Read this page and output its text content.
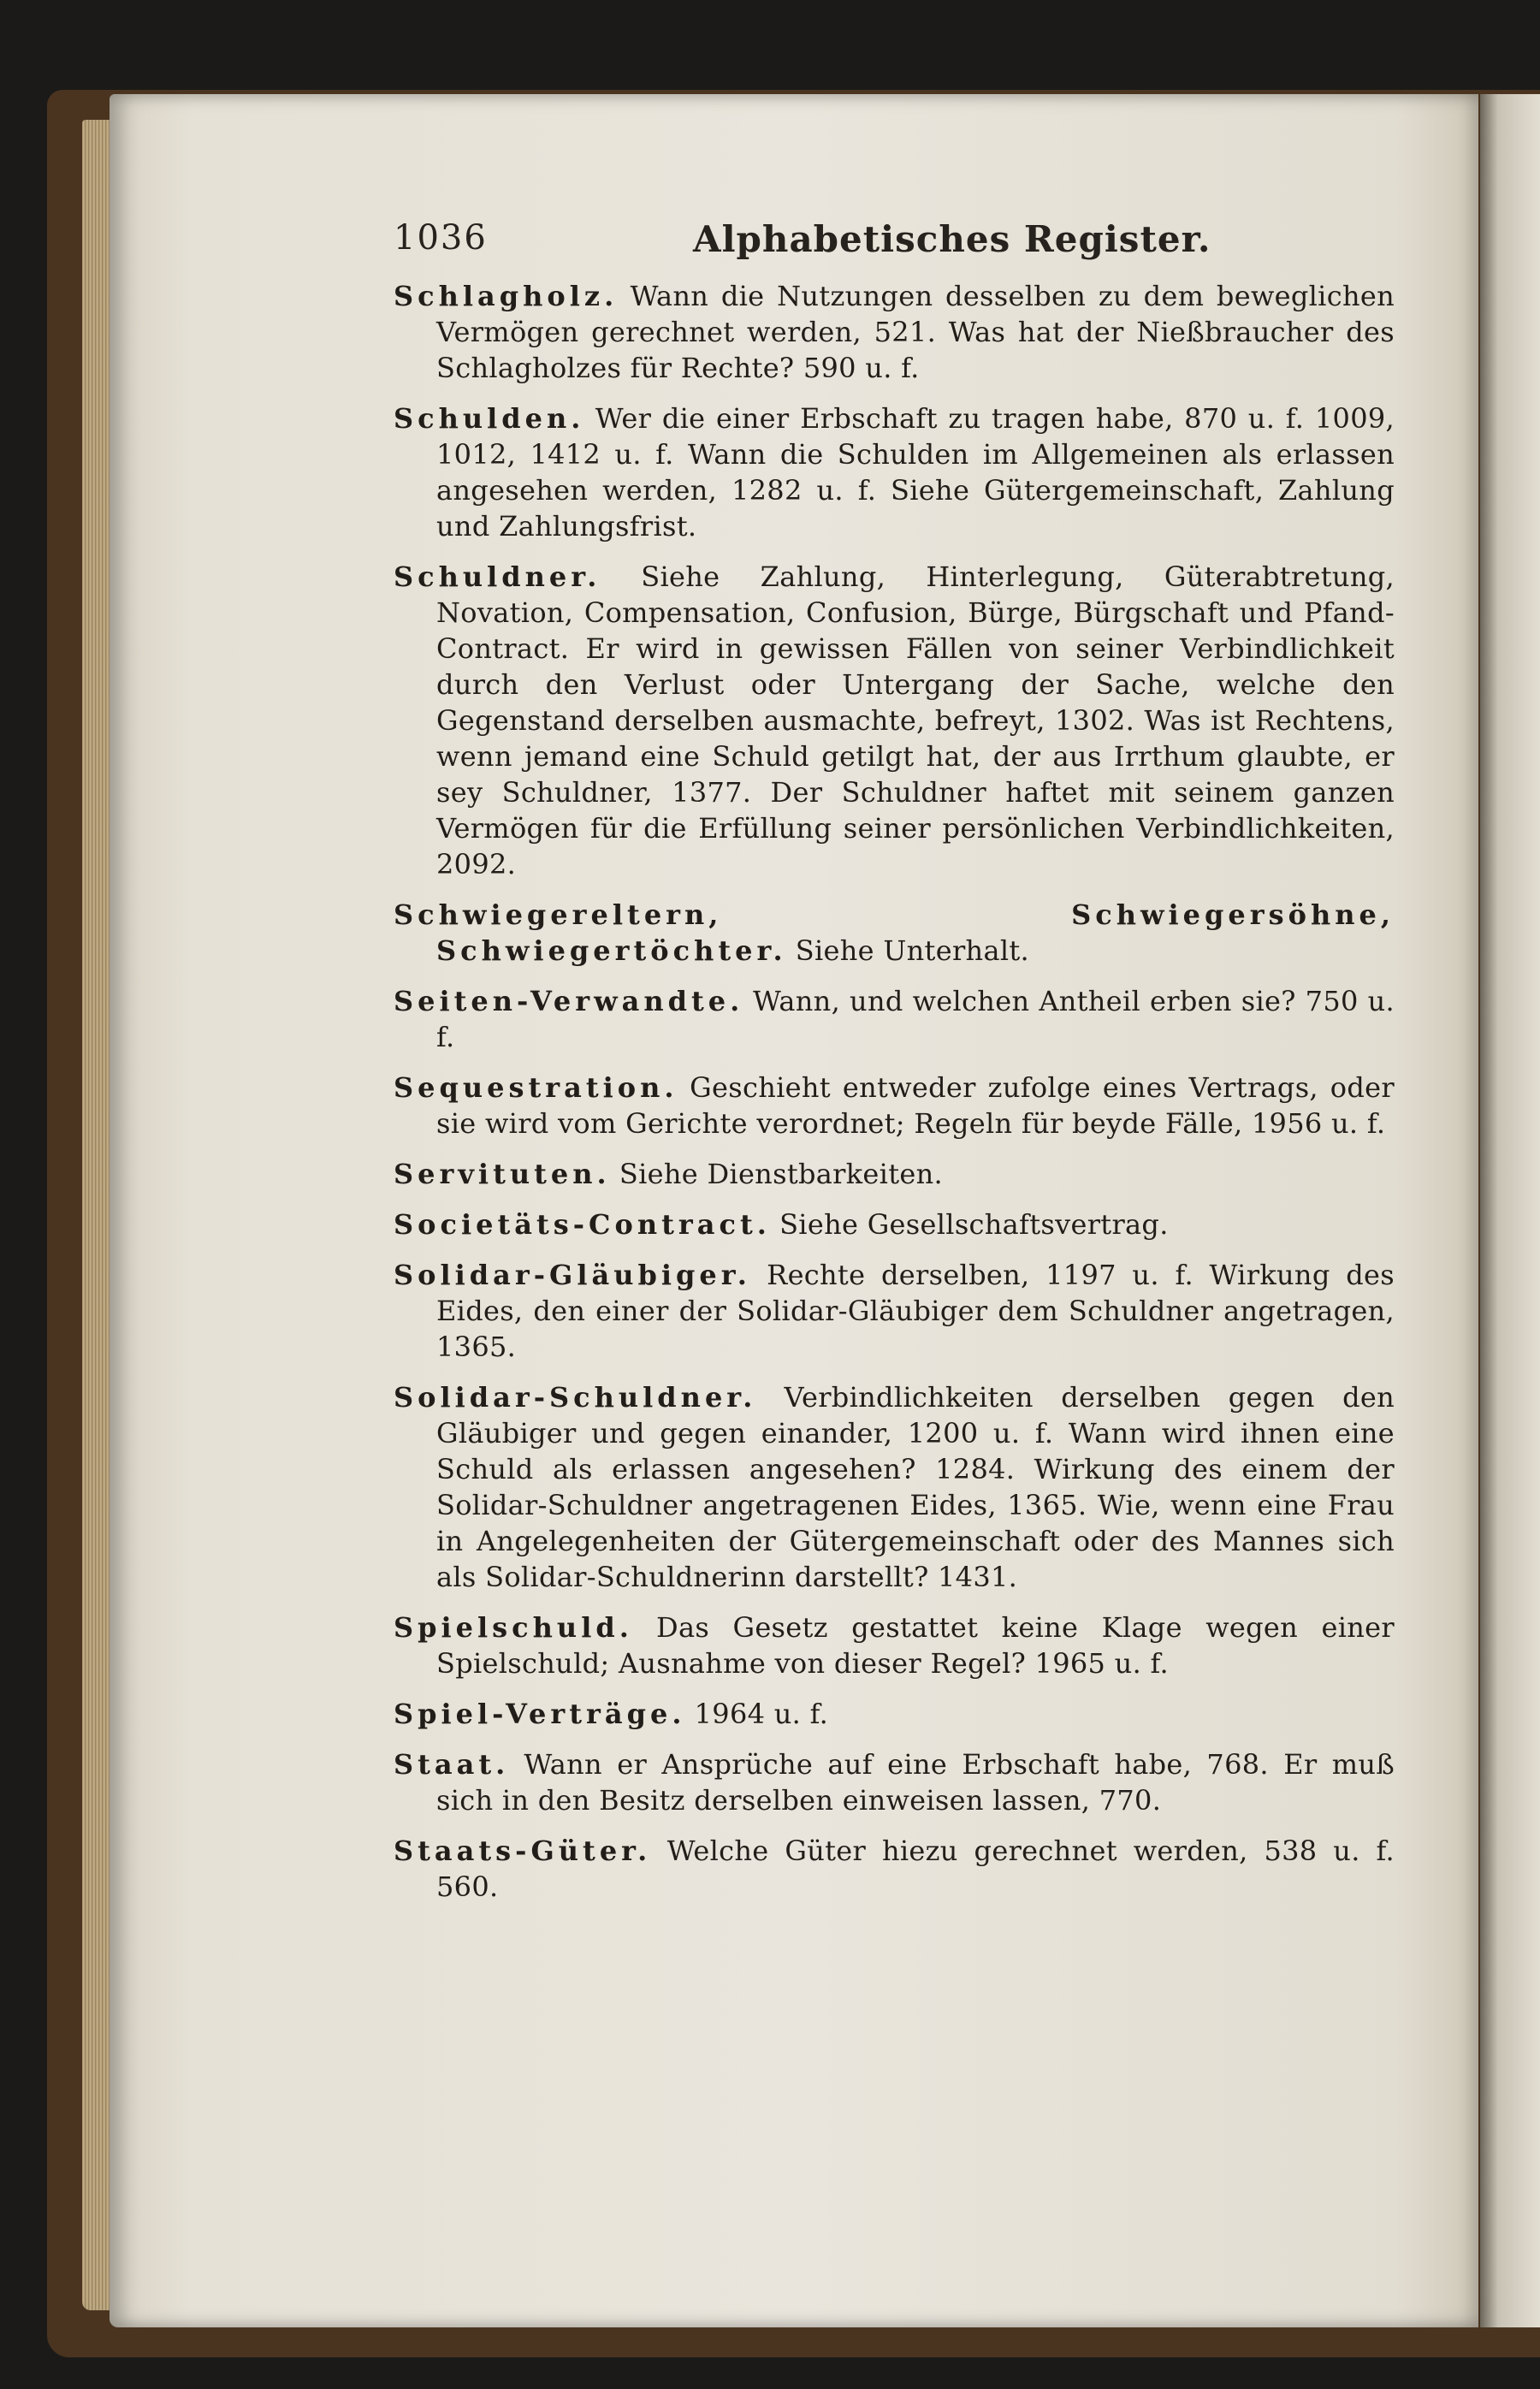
1036	Alphabetisches Register.

Schlagholz. Wann die Nutzungen desselben zu dem beweglichen Vermögen gerechnet werden, 521. Was hat der Nießbraucher des Schlagholzes für Rechte? 590 u. f.

Schulden. Wer die einer Erbschaft zu tragen habe, 870 u. f. 1009, 1012, 1412 u. f. Wann die Schulden im Allgemeinen als erlassen angesehen werden, 1282 u. f. Siehe Gütergemeinschaft, Zahlung und Zahlungsfrist.

Schuldner. Siehe Zahlung, Hinterlegung, Güterabtretung, Novation, Compensation, Confusion, Bürge, Bürgschaft und Pfand-Contract. Er wird in gewissen Fällen von seiner Verbindlichkeit durch den Verlust oder Untergang der Sache, welche den Gegenstand derselben ausmachte, befreyt, 1302. Was ist Rechtens, wenn jemand eine Schuld getilgt hat, der aus Irrthum glaubte, er sey Schuldner, 1377. Der Schuldner haftet mit seinem ganzen Vermögen für die Erfüllung seiner persönlichen Verbindlichkeiten, 2092.

Schwiegereltern, Schwiegersöhne, Schwiegertöchter. Siehe Unterhalt.

Seiten-Verwandte. Wann, und welchen Antheil erben sie? 750 u. f.

Sequestration. Geschieht entweder zufolge eines Vertrags, oder sie wird vom Gerichte verordnet; Regeln für beyde Fälle, 1956 u. f.

Servituten. Siehe Dienstbarkeiten.

Societäts-Contract. Siehe Gesellschaftsvertrag.

Solidar-Gläubiger. Rechte derselben, 1197 u. f. Wirkung des Eides, den einer der Solidar-Gläubiger dem Schuldner angetragen, 1365.

Solidar-Schuldner. Verbindlichkeiten derselben gegen den Gläubiger und gegen einander, 1200 u. f. Wann wird ihnen eine Schuld als erlassen angesehen? 1284. Wirkung des einem der Solidar-Schuldner angetragenen Eides, 1365. Wie, wenn eine Frau in Angelegenheiten der Gütergemeinschaft oder des Mannes sich als Solidar-Schuldnerinn darstellt? 1431.

Spielschuld. Das Gesetz gestattet keine Klage wegen einer Spielschuld; Ausnahme von dieser Regel? 1965 u. f.

Spiel-Verträge. 1964 u. f.

Staat. Wann er Ansprüche auf eine Erbschaft habe, 768. Er muß sich in den Besitz derselben einweisen lassen, 770.

Staats-Güter. Welche Güter hiezu gerechnet werden, 538 u. f. 560.
